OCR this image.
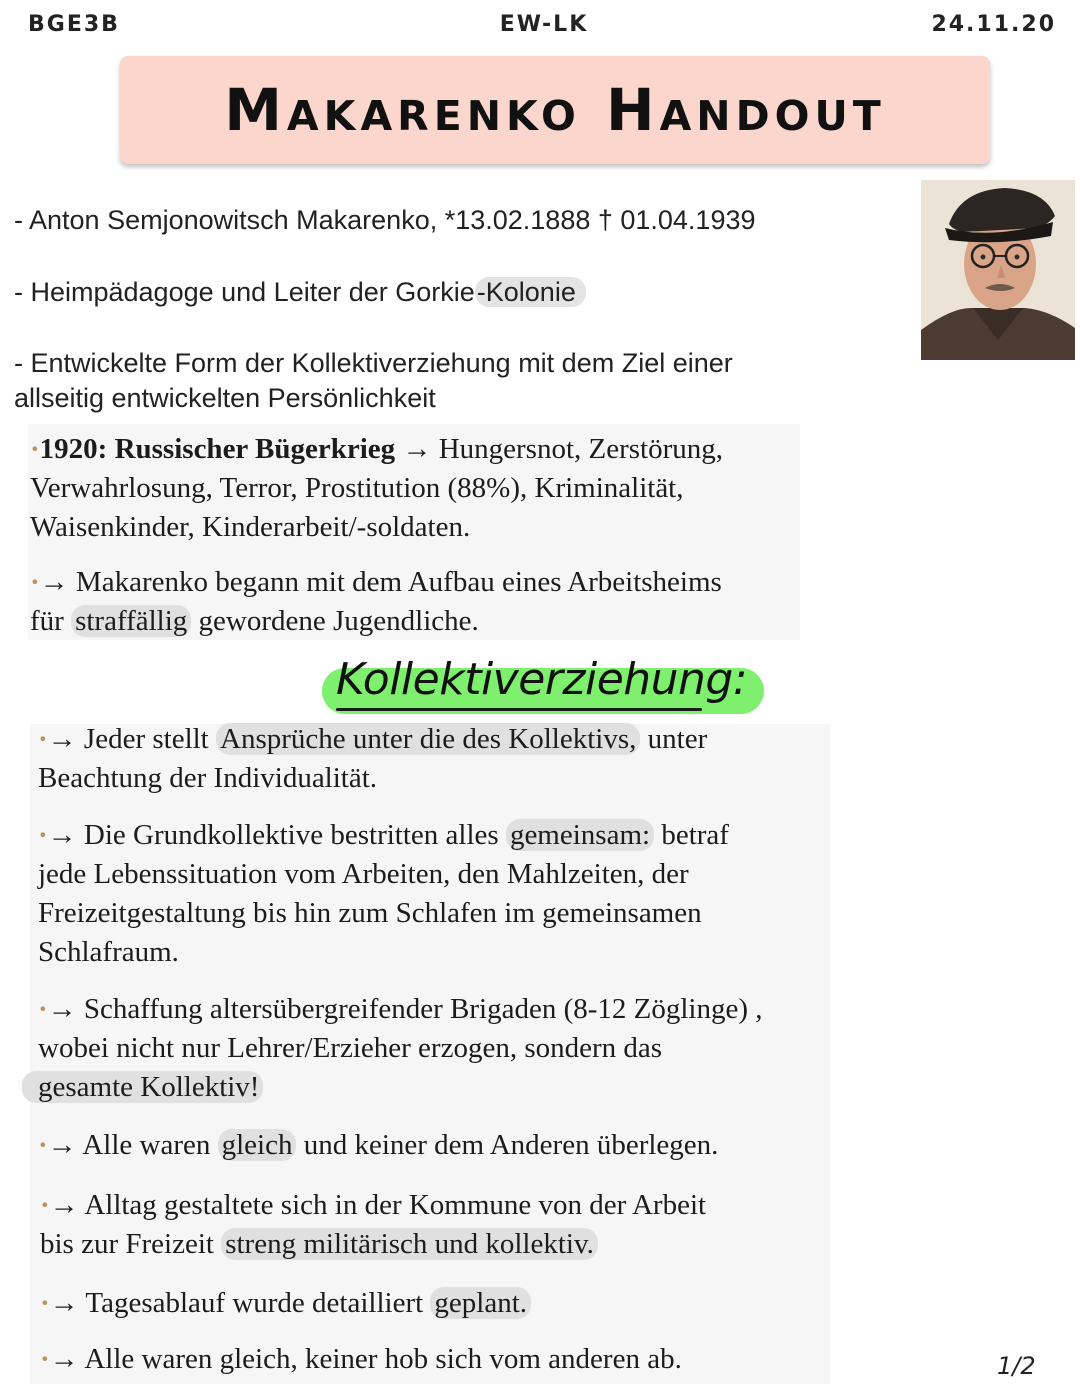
BGE3B	EW-LK	24.11.20
Makarenko Handout
- Anton Semjonowitsch Makarenko, *13.02.1888 † 01.04.1939
- Heimpädagoge und Leiter der Gorkie-Kolonie
- Entwickelte Form der Kollektiverziehung mit dem Ziel einer
allseitig entwickelten Persönlichkeit
·1920: Russischer Bügerkrieg → Hungersnot, Zerstörung,
Verwahrlosung, Terror, Prostitution (88%), Kriminalität,
Waisenkinder, Kinderarbeit/-soldaten.
·→ Makarenko begann mit dem Aufbau eines Arbeitsheims
für straffällig gewordene Jugendliche.
Kollektiverziehung:
·→ Jeder stellt Ansprüche unter die des Kollektivs, unter
Beachtung der Individualität.
·→ Die Grundkollektive bestritten alles gemeinsam: betraf
jede Lebenssituation vom Arbeiten, den Mahlzeiten, der
Freizeitgestaltung bis hin zum Schlafen im gemeinsamen
Schlafraum.
·→ Schaffung altersübergreifender Brigaden (8-12 Zöglinge) ,
wobei nicht nur Lehrer/Erzieher erzogen, sondern das
gesamte Kollektiv!
·→ Alle waren gleich und keiner dem Anderen überlegen.
·→ Alltag gestaltete sich in der Kommune von der Arbeit
bis zur Freizeit streng militärisch und kollektiv.
·→ Tagesablauf wurde detailliert geplant.
·→ Alle waren gleich, keiner hob sich vom anderen ab.	1/2
